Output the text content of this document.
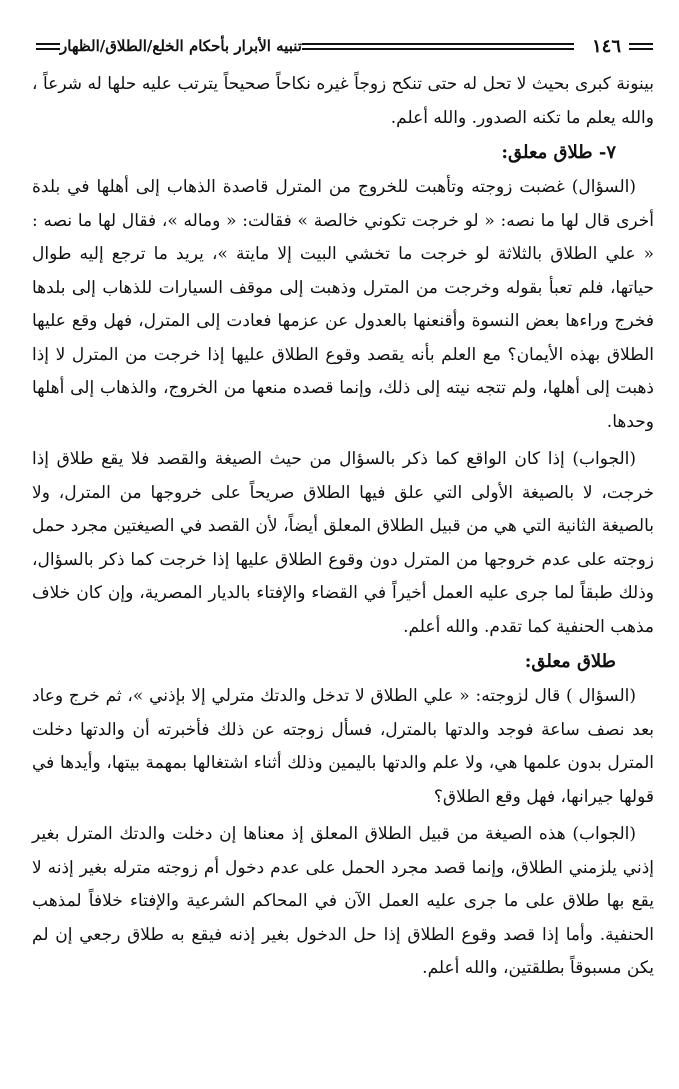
١٤٦
تنبيه الأبرار بأحكام الخلع/الطلاق/الظهار

بينونة كبرى بحيث لا تحل له حتى تنكح زوجاً غيره نكاحاً صحيحاً يترتب عليه حلها له شرعاً ، والله يعلم ما تكنه الصدور. والله أعلم.

٧- طلاق معلق:

(السؤال) غضبت زوجته وتأهبت للخروج من المترل قاصدة الذهاب إلى أهلها في بلدة أخرى قال لها ما نصه: « لو خرجت تكوني خالصة » فقالت: « وماله »، فقال لها ما نصه : « علي الطلاق بالثلاثة لو خرجت ما تخشي البيت إلا مايتة »، يريد ما ترجع إليه طوال حياتها، فلم تعبأ بقوله وخرجت من المترل وذهبت إلى موقف السيارات للذهاب إلى بلدها فخرج وراءها بعض النسوة وأقنعنها بالعدول عن عزمها فعادت إلى المترل، فهل وقع عليها الطلاق بهذه الأيمان؟ مع العلم بأنه يقصد وقوع الطلاق عليها إذا خرجت من المترل لا إذا ذهبت إلى أهلها، ولم تتجه نيته إلى ذلك، وإنما قصده منعها من الخروج، والذهاب إلى أهلها وحدها.

(الجواب) إذا كان الواقع كما ذكر بالسؤال من حيث الصيغة والقصد فلا يقع طلاق إذا خرجت، لا بالصيغة الأولى التي علق فيها الطلاق صريحاً على خروجها من المترل، ولا بالصيغة الثانية التي هي من قبيل الطلاق المعلق أيضاً، لأن القصد في الصيغتين مجرد حمل زوجته على عدم خروجها من المترل دون وقوع الطلاق عليها إذا خرجت كما ذكر بالسؤال، وذلك طبقاً لما جرى عليه العمل أخيراً في القضاء والإفتاء بالديار المصرية، وإن كان خلاف مذهب الحنفية كما تقدم. والله أعلم.

طلاق معلق:

(السؤال ) قال لزوجته: « علي الطلاق لا تدخل والدتك مترلي إلا بإذني »، ثم خرج وعاد بعد نصف ساعة فوجد والدتها بالمترل، فسأل زوجته عن ذلك فأخبرته أن والدتها دخلت المترل بدون علمها هي، ولا علم والدتها باليمين وذلك أثناء اشتغالها بمهمة بيتها، وأيدها في قولها جيرانها، فهل وقع الطلاق؟

(الجواب) هذه الصيغة من قبيل الطلاق المعلق إذ معناها إن دخلت والدتك المترل بغير إذني يلزمني الطلاق، وإنما قصد مجرد الحمل على عدم دخول أم زوجته مترله بغير إذنه لا يقع بها طلاق على ما جرى عليه العمل الآن في المحاكم الشرعية والإفتاء خلافاً لمذهب الحنفية. وأما إذا قصد وقوع الطلاق إذا حل الدخول بغير إذنه فيقع به طلاق رجعي إن لم يكن مسبوقاً بطلقتين، والله أعلم.
